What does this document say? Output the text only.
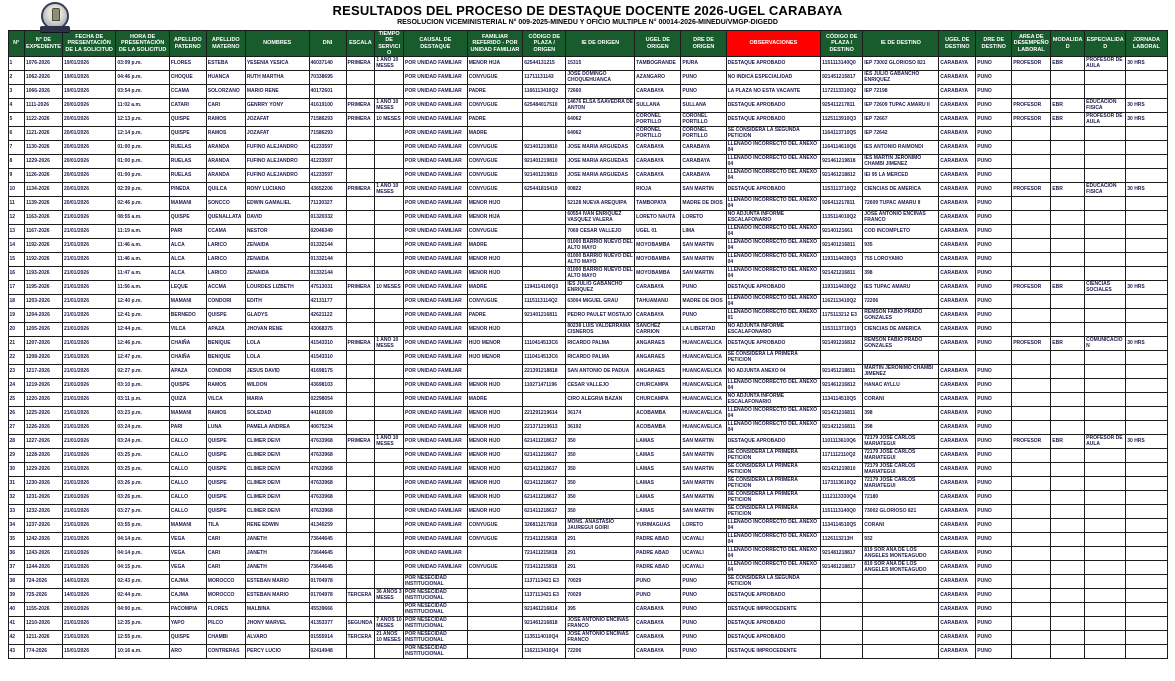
RESULTADOS DEL PROCESO DE DESTAQUE DOCENTE 2026-UGEL CARABAYA
RESOLUCION VICEMINISTERIAL N° 009-2025-MINEDU Y OFICIO MULTIPLE N° 00014-2026-MINEDU/VMGP-DIGEDD
N°	N° DE EXPEDIENTE	FECHA DE PRESENTACIÓN DE LA SOLICITUD	HORA DE PRESENTACIÓN DE LA SOLICITUD	APELLIDO PATERNO	APELLIDO MATERNO	NOMBRES	DNI	ESCALA	TIEMPO DE SERVICIO	CAUSAL DE DESTAQUE	FAMILIAR REFERIDO - POR UNIDAD FAMILIAR	CÓDIGO DE PLAZA / ORIGEN	IE DE ORIGEN	UGEL DE ORIGEN	DRE DE ORIGEN	OBSERVACIONES	CÓDIGO DE PLAZA / DESTINO	IE DE DESTINO	UGEL DE DESTINO	DRE DE DESTINO	AREA DE DESEMPEÑO LABORAL	MODALIDAD	ESPECIALIDAD	JORNADA LABORAL
1	1076-2026	19/01/2026	03:09 p.m.	FLORES	ESTEBA	YESENIA YESICA	46037140	PRIMERA	1 AÑO 10 MESES	POR UNIDAD FAMILIAR	MENOR HIJA	62544131215	15315	TAMBOGRANDE	PIURA	DESTAQUE APROBADO	1151113140Q0	IEP 73002 GLORIOSO 821	CARABAYA	PUNO	PROFESOR	EBR	PROFESOR DE AULA	30 HRS
2	1062-2026	19/01/2026	04:46 p.m.	CHOQUE	HUANCA	RUTH MARTHA	70338695			POR UNIDAD FAMILIAR	CONYUGUE	11711131143	JOSE DOMINGO CHOQUEHUANCA	AZANGARO	PUNO	NO INDICA ESPECIALIDAD	921451215817	IES JULIO GABANCHO ENRIQUEZ	CARABAYA	PUNO				
3	1066-2026	19/01/2026	03:54 p.m.	CCAMA	SOLORZANO	MARIO RENE	40172601			POR UNIDAD FAMILIAR	PADRE	1166113410Q2	72660	CARABAYA	PUNO	LA PLAZA NO ESTA VACANTE	1172113310Q2	IEP 72198	CARABAYA	PUNO				
4	1111-2026	20/01/2026	11:02 a.m.	CATARI	CARI	GENRRY YONY	41619100	PRIMERA	1 AÑO 10 MESES	POR UNIDAD FAMILIAR	CONYUGUE	625484017510	14676 ELSA SAAVEDRA DE ANTON	SULLANA	SULLANA	DESTAQUE APROBADO	925411217811	IEP 72609 TUPAC AMARU II	CARABAYA	PUNO	PROFESOR	EBR	EDUCACION FISICA	30 HRS
5	1122-2026	20/01/2026	12:13 p.m.	QUISPE	RAMOS	JOZAFAT	71586293	PRIMERA	10 MESES	POR UNIDAD FAMILIAR	PADRE		64062	CORONEL PORTILLO	CORONEL PORTILLO	DESTAQUE APROBADO	1125113910Q3	IEP 72667	CARABAYA	PUNO	PROFESOR	EBR	PROFESOR DE AULA	30 HRS
6	1121-2026	20/01/2026	12:14 p.m.	QUISPE	RAMOS	JOZAFAT	71586293			POR UNIDAD FAMILIAR	MADRE		64062	CORONEL PORTILLO	CORONEL PORTILLO	SE CONSIDERA LA SEGUNDA PETICION	1164113710Q5	IEP 72642	CARABAYA	PUNO				
7	1130-2026	20/01/2026	01:00 p.m.	RUELAS	ARANDA	FUFINO ALEJANDRO	41233597			POR UNIDAD FAMILIAR	CONYUGUE	921401219810	JOSE MARIA ARGUEDAS	CARABAYA	CARABAYA	LLENADO INCORRECTO DEL ANEXO 04	1164114610Q6	IES ANTONIO RAIMONDI	CARABAYA	PUNO				
8	1229-2026	20/01/2026	01:00 p.m.	RUELAS	ARANDA	FUFINO ALEJANDRO	41233597			POR UNIDAD FAMILIAR	CONYUGUE	921401219810	JOSE MARIA ARGUEDAS	CARABAYA	CARABAYA	LLENADO INCORRECTO DEL ANEXO 04	921461219818	IES MARTIN JERONIMO CHAMBI JIMENEZ	CARABAYA	PUNO				
9	1126-2026	20/01/2026	01:00 p.m.	RUELAS	ARANDA	FUFINO ALEJANDRO	41233597			POR UNIDAD FAMILIAR	CONYUGUE	921401219810	JOSE MARIA ARGUEDAS	CARABAYA	CARABAYA	LLENADO INCORRECTO DEL ANEXO 04	921461218812	IEI 95 LA MERCED	CARABAYA	PUNO				
10	1134-2026	20/01/2026	02:39 p.m.	PINEDA	QUILCA	RONY LUCIANO	43652206	PRIMERA	1 AÑO 10 MESES	POR UNIDAD FAMILIAR	CONYUGUE	625441815419	00822	RIOJA	SAN MARTIN	DESTAQUE APROBADO	1153113710Q2	CIENCIAS DE AMERICA	CARABAYA	PUNO	PROFESOR	EBR	EDUCACION FISICA	30 HRS
11	1139-2026	20/01/2026	02:46 p.m.	MAMANI	SONCCO	EDWIN GAMALIEL	71130327			POR UNIDAD FAMILIAR	MENOR HIJO		52128 NUEVA AREQUIPA	TAMBOPATA	MADRE DE DIOS	LLENADO INCORRECTO DEL ANEXO 04	926411217811	72609 TUPAC AMARU II	CARABAYA	PUNO				
12	1163-2026	21/01/2026	08:55 a.m.	QUISPE	QUENALLATA	DAVID	01320332			POR UNIDAD FAMILIAR	MENOR HIJA		60554 IVAN ENRIQUEZ VASQUEZ VALERA	LORETO NAUTA	LORETO	NO ADJUNTA INFORME ESCALAFONARIO	1135114010Q2	JOSE ANTONIO ENCINAS FRANCO	CARABAYA	PUNO				
13	1167-2026	21/01/2026	11:19 a.m.	PARI	CCAMA	NESTOR	02046349			POR UNIDAD FAMILIAR	CONYUGUE		7069 CESAR VALLEJO	UGEL 01	LIMA	LLENADO INCORRECTO DEL ANEXO 04	92140121661	COD INCOMPLETO	CARABAYA	PUNO				
14	1192-2026	21/01/2026	11:46 a.m.	ALCA	LARICO	ZENAIDA	01332144			POR UNIDAD FAMILIAR	MADRE		01000 BARRIO NUEVO DEL ALTO MAYO	MOYOBAMBA	SAN MARTIN	LLENADO INCORRECTO DEL ANEXO 04	921401216811	935	CARABAYA	PUNO				
15	1192-2026	21/01/2026	11:46 a.m.	ALCA	LARICO	ZENAIDA	01332144			POR UNIDAD FAMILIAR	MENOR HIJO		01000 BARRIO NUEVO DEL ALTO MAYO	MOYOBAMBA	SAN MARTIN	LLENADO INCORRECTO DEL ANEXO 04	1193114430Q3	755 LOROYAMO	CARABAYA	PUNO				
16	1193-2026	21/01/2026	11:47 a.m.	ALCA	LARICO	ZENAIDA	01332144			POR UNIDAD FAMILIAR	MENOR HIJO		01000 BARRIO NUEVO DEL ALTO MAYO	MOYOBAMBA	SAN MARTIN	LLENADO INCORRECTO DEL ANEXO 04	921421216811	398	CARABAYA	PUNO				
17	1195-2026	21/01/2026	11:56 a.m.	LEQUE	ACCMA	LOURDES LIZBETH	47513031	PRIMERA	10 MESES	POR UNIDAD FAMILIAR	MADRE	1194114100Q3	IES JULIO GABANCHO ENRIQUEZ	CARABAYA	PUNO	DESTAQUE APROBADO	1193114430Q2	IES TUPAC AMARU	CARABAYA	PUNO	PROFESOR	EBR	CIENCIAS SOCIALES	30 HRS
18	1203-2026	21/01/2026	12:40 p.m.	MAMANI	CONDORI	EDITH	42131177			POR UNIDAD FAMILIAR	CONYUGUE	1115113114Q2	63004 MIGUEL GRAU	TAHUAMANU	MADRE DE DIOS	LLENADO INCORRECTO DEL ANEXO 04	1162113410Q2	72206	CARABAYA	PUNO				
19	1204-2026	21/01/2026	12:41 p.m.	BERNEDO	QUISPE	GLADYS	42621122			POR UNIDAD FAMILIAR	PADRE	921401216811	PEDRO PAULET MOSTAJO	CARABAYA	PUNO	LLENADO INCORRECTO DEL ANEXO 01	1175113212 E3	REMSON FABIO PRADO GONZALES	CARABAYA	PUNO				
20	1205-2026	21/01/2026	12:44 p.m.	VILCA	APAZA	JHOVAN RENE	43068375			POR UNIDAD FAMILIAR	MENOR HIJO		80238 LUIS VALDERRAMA CISNEROS	SANCHEZ CARRION	LA LIBERTAD	NO ADJUNTA INFORME ESCALAFONARIO	1153113710Q3	CIENCIAS DE AMERICA	CARABAYA	PUNO				
21	1207-2026	21/01/2026	12:46 p.m.	CHAIÑA	BENIQUE	LOLA	41543310	PRIMERA	1 AÑO 10 MESES	POR UNIDAD FAMILIAR	HIJO MENOR	1110414513C6	RICARDO PALMA	ANGARAES	HUANCAVELICA	DESTAQUE APROBADO	921491216812	REMSON FABIO PRADO GONZALES	CARABAYA	PUNO	PROFESOR	EBR	COMUNICACIÓN	30 HRS
22	1208-2026	21/01/2026	12:47 p.m.	CHAIÑA	BENIQUE	LOLA	41543310			POR UNIDAD FAMILIAR	HIJO MENOR	1110414513C6	RICARDO PALMA	ANGARAES	HUANCAVELICA	SE CONSIDERA LA PRIMERA PETICION								
23	1217-2026	21/01/2026	02:27 p.m.	APAZA	CONDORI	JESUS DAVID	41698175			POR UNIDAD FAMILIAR		221391218818	SAN ANTONIO DE PADUA	ANGARAES	HUANCAVELICA	NO ADJUNTA ANEXO 04	921451218811	MARTIN JERONIMO CHAMBI JIMENEZ	CARABAYA	PUNO				
24	1219-2026	21/01/2026	03:10 p.m.	QUISPE	RAMOS	WILDON	43698103			POR UNIDAD FAMILIAR	MENOR HIJO	110271471196	CESAR VALLEJO	CHURCAMPA	HUANCAVELICA	LLENADO INCORRECTO DEL ANEXO 04	921461216812	HANAC AYLLU	CARABAYA	PUNO				
25	1220-2026	21/01/2026	03:11 p.m.	QUIZA	VILCA	MARIA	02298054			POR UNIDAD FAMILIAR	MADRE		CIRO ALEGRIA BAZAN	CHURCAMPA	HUANCAVELICA	NO ADJUNTA INFORME ESCALAFONARIO	1134114510Q5	CORANI	CARABAYA	PUNO				
26	1225-2026	21/01/2026	03:23 p.m.	MAMANI	RAMOS	SOLEDAD	44169109			POR UNIDAD FAMILIAR	MENOR HIJO	221291219614	36174	ACOBAMBA	HUANCAVELICA	LLENADO INCORRECTO DEL ANEXO 04	921421216811	398	CARABAYA	PUNO				
27	1226-2026	21/01/2026	03:24 p.m.	PARI	LUNA	PAMELA ANDREA	40675234			POR UNIDAD FAMILIAR	MENOR HIJO	221371219613	36192	ACOBAMBA	HUANCAVELICA	LLENADO INCORRECTO DEL ANEXO 04	921421216811	398	CARABAYA	PUNO				
28	1227-2026	21/01/2026	03:24 p.m.	CALLO	QUISPE	CLIMER DEIVI	47633968	PRIMERA	1 AÑO 10 MESES	POR UNIDAD FAMILIAR	MENOR HIJO	621411218617	350	LAMAS	SAN MARTIN	DESTAQUE APROBADO	1101113610Q6	72179 JOSE CARLOS MARIATEGUI	CARABAYA	PUNO	PROFESOR	EBR	PROFESOR DE AULA	30 HRS
29	1228-2026	21/01/2026	03:25 p.m.	CALLO	QUISPE	CLIMER DEIVI	47633968			POR UNIDAD FAMILIAR	MENOR HIJO	621411218617	350	LAMAS	SAN MARTIN	SE CONSIDERA LA PRIMERA PETICION	1171112110Q2	72179 JOSE CARLOS MARIATEGUI	CARABAYA	PUNO				
30	1229-2026	21/01/2026	03:25 p.m.	CALLO	QUISPE	CLIMER DEIVI	47633968			POR UNIDAD FAMILIAR	MENOR HIJO	621411218617	350	LAMAS	SAN MARTIN	SE CONSIDERA LA PRIMERA PETICION	921421219810	72179 JOSE CARLOS MARIATEGUI	CARABAYA	PUNO				
31	1230-2026	21/01/2026	03:26 p.m.	CALLO	QUISPE	CLIMER DEIVI	47633968			POR UNIDAD FAMILIAR	MENOR HIJO	621411218617	350	LAMAS	SAN MARTIN	SE CONSIDERA LA PRIMERA PETICION	1173113610Q2	72179 JOSE CARLOS MARIATEGUI	CARABAYA	PUNO				
32	1231-2026	21/01/2026	03:26 p.m.	CALLO	QUISPE	CLIMER DEIVI	47633968			POR UNIDAD FAMILIAR	MENOR HIJO	621411218617	350	LAMAS	SAN MARTIN	SE CONSIDERA LA PRIMERA PETICION	1112113330Q4	72180	CARABAYA	PUNO				
33	1232-2026	21/01/2026	03:27 p.m.	CALLO	QUISPE	CLIMER DEIVI	47633968			POR UNIDAD FAMILIAR	MENOR HIJO	621411218617	350	LAMAS	SAN MARTIN	SE CONSIDERA LA PRIMERA PETICION	1151113140Q0	73002 GLORIOSO 821	CARABAYA	PUNO				
34	1237-2026	21/01/2026	03:55 p.m.	MAMANI	TILA	RENE EDWIN	41340259			POR UNIDAD FAMILIAR	CONYUGUE	326811217818	MONS. ANASTASIO JAUREGUI GOIRI	YURIMAGUAS	LORETO	LLENADO INCORRECTO DEL ANEXO 04	1134114510Q5	CORANI	CARABAYA	PUNO				
35	1242-2026	21/01/2026	04:14 p.m.	VEGA	CARI	JANETH	73644645			POR UNIDAD FAMILIAR	CONYUGUE	721411215818	291	PADRE ABAD	UCAYALI	LLENADO INCORRECTO DEL ANEXO 04	1126113213H	932	CARABAYA	PUNO				
36	1243-2026	21/01/2026	04:14 p.m.	VEGA	CARI	JANETH	73644645			POR UNIDAD FAMILIAR		721411215818	291	PADRE ABAD	UCAYALI	LLENADO INCORRECTO DEL ANEXO 04	921481218817	819 SOR ANA DE LOS ANGELES MONTEAGUDO	CARABAYA	PUNO				
37	1244-2026	21/01/2026	04:15 p.m.	VEGA	CARI	JANETH	73644645			POR UNIDAD FAMILIAR	CONYUGUE	721411215818	291	PADRE ABAD	UCAYALI	LLENADO INCORRECTO DEL ANEXO 04	921481218817	819 SOR ANA DE LOS ANGELES MONTEAGUDO	CARABAYA	PUNO				
38	724-2026	14/01/2026	02:43 p.m.	CAJMA	MOROCCO	ESTEBAN MARIO	01704978			POR NESECIDAD INSTITUCIONAL		1137113421 E3	70029	PUNO	PUNO	SE CONSIDERA LA SEGUNDA PETICION			CARABAYA	PUNO				
39	725-2026	14/01/2026	02:44 p.m.	CAJMA	MOROCCO	ESTEBAN MARIO	01704978	TERCERA	36 AÑOS 3 MESES	POR NESECIDAD INSTITUCIONAL		1137113421 E3	70029	PUNO	PUNO	DESTAQUE APROBADO			CARABAYA	PUNO				
40	1155-2026	20/01/2026	04:00 p.m.	PACOMPIA	FLORES	MALBINA	45539666			POR NESECIDAD INSTITUCIONAL		921461216814	395	CARABAYA	PUNO	DESTAQUE IMPROCEDENTE			CARABAYA	PUNO				
41	1210-2026	21/01/2026	12:35 p.m.	YAPO	PILCO	JHONY MARVEL	41353377	SEGUNDA	7 AÑOS 10 MESES	POR NESECIDAD INSTITUCIONAL		921461216818	JOSE ANTONIO ENCINAS FRANCO	CARABAYA	PUNO	DESTAQUE APROBADO			CARABAYA	PUNO				
42	1211-2026	21/01/2026	12:55 p.m.	QUISPE	CHAMBI	ALVARO	01555914	TERCERA	21 AÑOS 10 MESES	POR NESECIDAD INSTITUCIONAL		1135114010Q4	JOSE ANTONIO ENCINAS FRANCO	CARABAYA	PUNO	DESTAQUE APROBADO			CARABAYA	PUNO				
43	774-2026	15/01/2026	10:16 a.m.	ARO	CONTRERAS	PERCY LUCIO	02414948			POR NESECIDAD INSTITUCIONAL		1162113410Q4	72206	CARABAYA	PUNO	DESTAQUE IMPROCEDENTE			CARABAYA	PUNO				
